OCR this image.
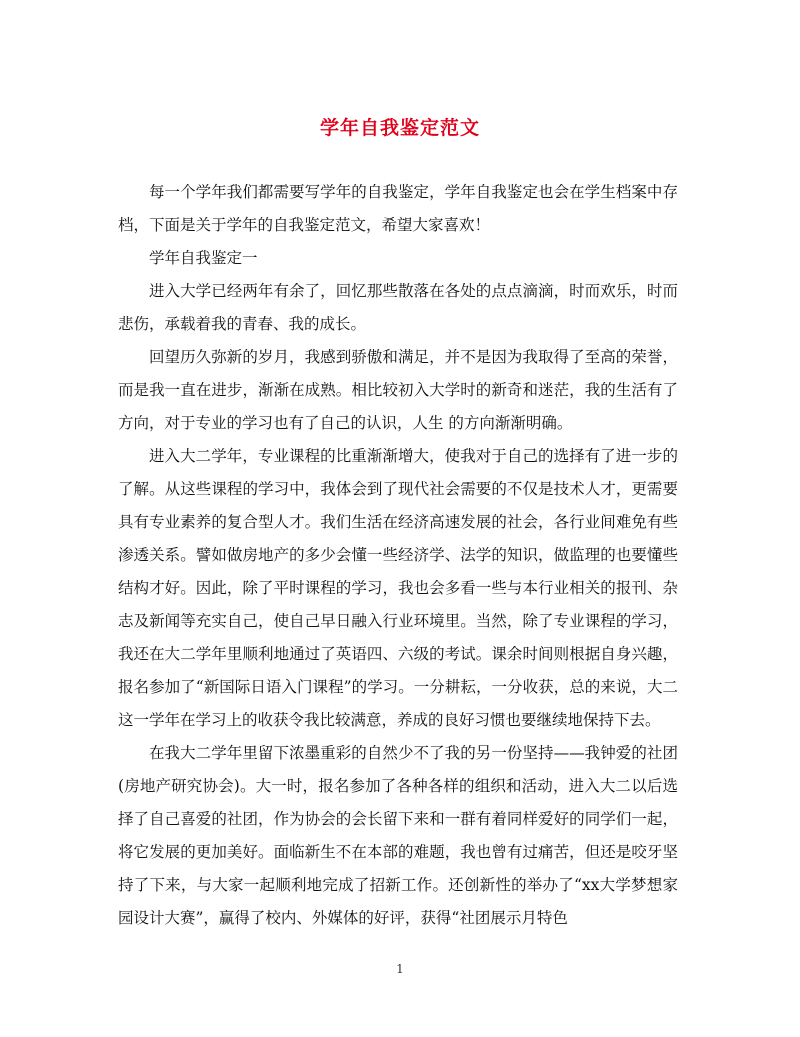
学年自我鉴定范文

每一个学年我们都需要写学年的自我鉴定，学年自我鉴定也会在学生档案中存档，下面是关于学年的自我鉴定范文，希望大家喜欢！

学年自我鉴定一

进入大学已经两年有余了，回忆那些散落在各处的点点滴滴，时而欢乐，时而悲伤，承载着我的青春、我的成长。

回望历久弥新的岁月，我感到骄傲和满足，并不是因为我取得了至高的荣誉，而是我一直在进步，渐渐在成熟。相比较初入大学时的新奇和迷茫，我的生活有了方向，对于专业的学习也有了自己的认识，人生 的方向渐渐明确。

进入大二学年，专业课程的比重渐渐增大，使我对于自己的选择有了进一步的了解。从这些课程的学习中，我体会到了现代社会需要的不仅是技术人才，更需要具有专业素养的复合型人才。我们生活在经济高速发展的社会，各行业间难免有些渗透关系。譬如做房地产的多少会懂一些经济学、法学的知识，做监理的也要懂些结构才好。因此，除了平时课程的学习，我也会多看一些与本行业相关的报刊、杂志及新闻等充实自己，使自己早日融入行业环境里。当然，除了专业课程的学习，我还在大二学年里顺利地通过了英语四、六级的考试。课余时间则根据自身兴趣，报名参加了“新国际日语入门课程”的学习。一分耕耘，一分收获，总的来说，大二这一学年在学习上的收获令我比较满意，养成的良好习惯也要继续地保持下去。

在我大二学年里留下浓墨重彩的自然少不了我的另一份坚持——我钟爱的社团(房地产研究协会)。大一时，报名参加了各种各样的组织和活动，进入大二以后选择了自己喜爱的社团，作为协会的会长留下来和一群有着同样爱好的同学们一起，将它发展的更加美好。面临新生不在本部的难题，我也曾有过痛苦，但还是咬牙坚持了下来，与大家一起顺利地完成了招新工作。还创新性的举办了“xx大学梦想家园设计大赛”，赢得了校内、外媒体的好评，获得“社团展示月特色

1
